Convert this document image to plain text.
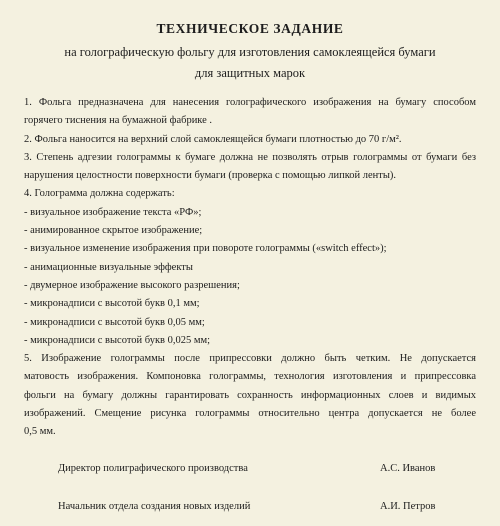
ТЕХНИЧЕСКОЕ ЗАДАНИЕ

на голографическую фольгу для изготовления самоклеящейся бумаги

для защитных марок

1. Фольга предназначена для нанесения голографического изображения на бумагу способом

горячего тиснения на бумажной фабрике .

2. Фольга наносится на верхний слой самоклеящейся бумаги плотностью до 70 г/м².

3. Степень адгезии голограммы к бумаге должна не позволять отрыв голограммы от бумаги без

нарушения целостности поверхности бумаги (проверка с помощью липкой ленты).

4. Голограмма должна содержать:

- визуальное изображение текста «РФ»;

- анимированное скрытое изображение;

- визуальное изменение изображения при повороте голограммы («switch effect»);

- анимационные визуальные эффекты

- двумерное изображение высокого разрешения;

- микронадписи с высотой букв 0,1 мм;

- микронадписи с высотой букв 0,05 мм;

- микронадписи с высотой букв 0,025 мм;

5. Изображение голограммы после припрессовки должно быть четким. Не допускается

матовость изображения. Компоновка голограммы, технология изготовления и припрессовка

фольги на бумагу должны гарантировать сохранность информационных слоев и видимых

изображений. Смещение рисунка голограммы относительно центра допускается не более

0,5 мм.

Директор полиграфического производства	А.С. Иванов
Начальник отдела создания новых изделий	А.И. Петров
